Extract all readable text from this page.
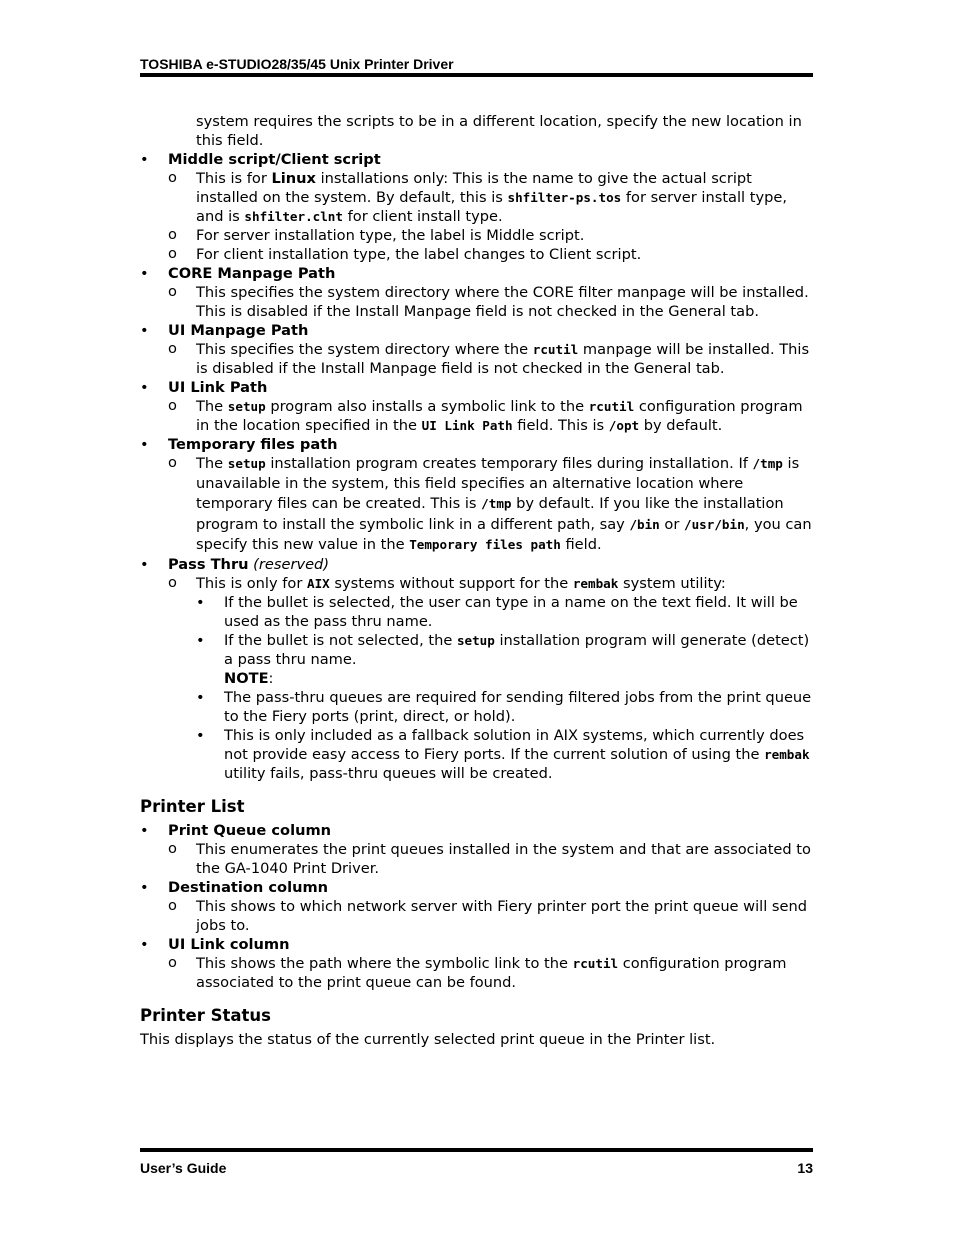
TOSHIBA e-STUDIO28/35/45 Unix Printer Driver

system requires the scripts to be in a different location, specify the new location in this field.

• Middle script/Client script
o This is for Linux installations only: This is the name to give the actual script installed on the system. By default, this is shfilter-ps.tos for server install type, and is shfilter.clnt for client install type.
o For server installation type, the label is Middle script.
o For client installation type, the label changes to Client script.
• CORE Manpage Path
o This specifies the system directory where the CORE filter manpage will be installed. This is disabled if the Install Manpage field is not checked in the General tab.
• UI Manpage Path
o This specifies the system directory where the rcutil manpage will be installed. This is disabled if the Install Manpage field is not checked in the General tab.
• UI Link Path
o The setup program also installs a symbolic link to the rcutil configuration program in the location specified in the UI Link Path field. This is /opt by default.
• Temporary files path
o The setup installation program creates temporary files during installation. If /tmp is unavailable in the system, this field specifies an alternative location where temporary files can be created. This is /tmp by default. If you like the installation program to install the symbolic link in a different path, say /bin or /usr/bin, you can specify this new value in the Temporary files path field.
• Pass Thru (reserved)
o This is only for AIX systems without support for the rembak system utility:
• If the bullet is selected, the user can type in a name on the text field. It will be used as the pass thru name.
• If the bullet is not selected, the setup installation program will generate (detect) a pass thru name.

NOTE:

• The pass-thru queues are required for sending filtered jobs from the print queue to the Fiery ports (print, direct, or hold).
• This is only included as a fallback solution in AIX systems, which currently does not provide easy access to Fiery ports. If the current solution of using the rembak utility fails, pass-thru queues will be created.
Printer List
• Print Queue column
o This enumerates the print queues installed in the system and that are associated to the GA-1040 Print Driver.
• Destination column
o This shows to which network server with Fiery printer port the print queue will send jobs to.
• UI Link column
o This shows the path where the symbolic link to the rcutil configuration program associated to the print queue can be found.
Printer Status

This displays the status of the currently selected print queue in the Printer list.

User’s Guide	13
